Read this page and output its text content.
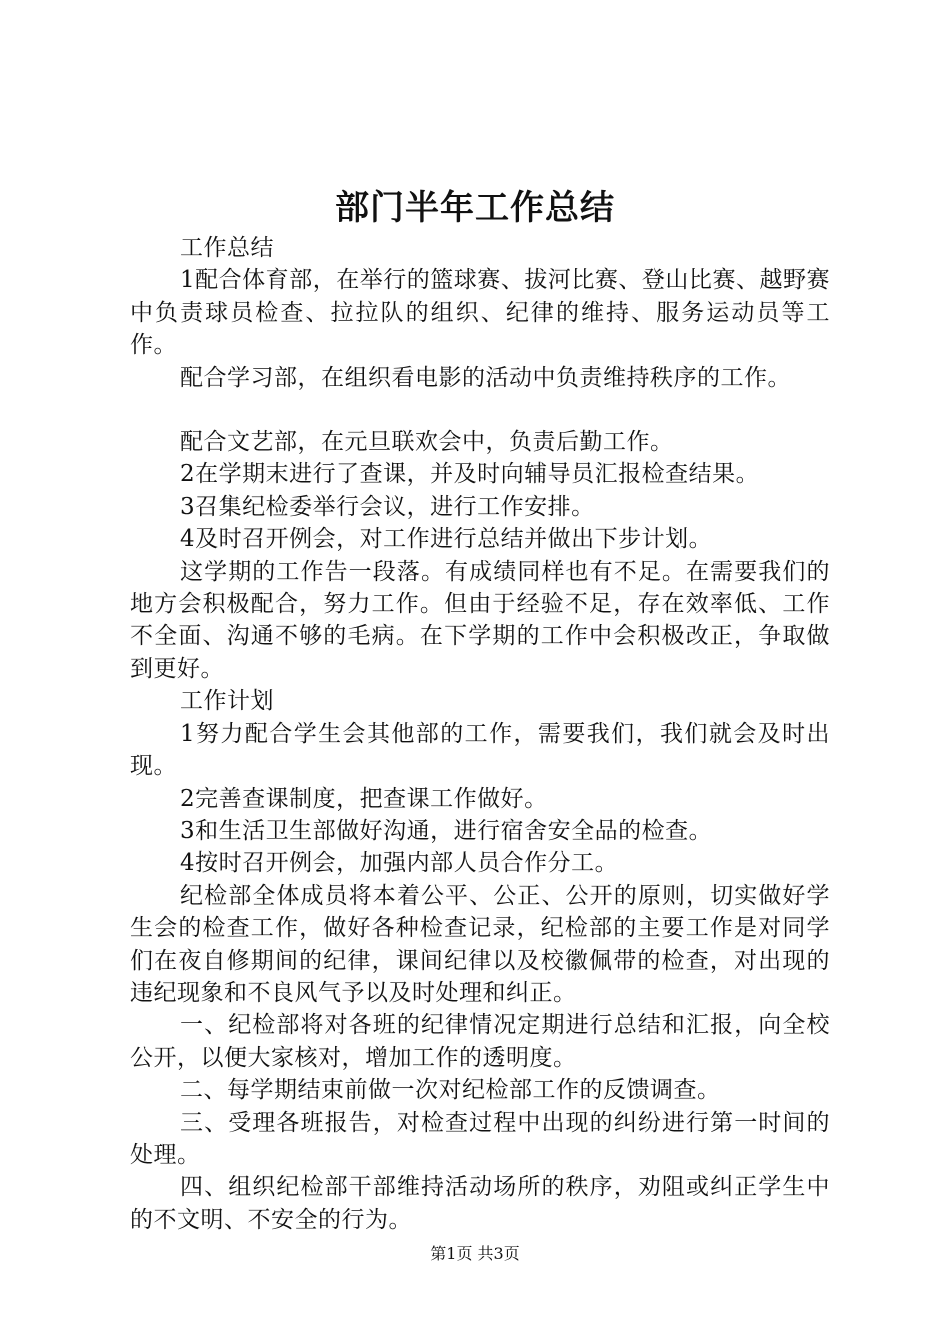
部门半年工作总结

工作总结

1配合体育部，在举行的篮球赛、拔河比赛、登山比赛、越野赛中负责球员检查、拉拉队的组织、纪律的维持、服务运动员等工作。

配合学习部，在组织看电影的活动中负责维持秩序的工作。

配合文艺部，在元旦联欢会中，负责后勤工作。

2在学期末进行了查课，并及时向辅导员汇报检查结果。

3召集纪检委举行会议，进行工作安排。

4及时召开例会，对工作进行总结并做出下步计划。

这学期的工作告一段落。有成绩同样也有不足。在需要我们的地方会积极配合，努力工作。但由于经验不足，存在效率低、工作不全面、沟通不够的毛病。在下学期的工作中会积极改正，争取做到更好。

工作计划

1努力配合学生会其他部的工作，需要我们，我们就会及时出现。

2完善查课制度，把查课工作做好。

3和生活卫生部做好沟通，进行宿舍安全品的检查。

4按时召开例会，加强内部人员合作分工。

纪检部全体成员将本着公平、公正、公开的原则，切实做好学生会的检查工作，做好各种检查记录，纪检部的主要工作是对同学们在夜自修期间的纪律，课间纪律以及校徽佩带的检查，对出现的违纪现象和不良风气予以及时处理和纠正。

一、纪检部将对各班的纪律情况定期进行总结和汇报，向全校公开，以便大家核对，增加工作的透明度。

二、每学期结束前做一次对纪检部工作的反馈调查。

三、受理各班报告，对检查过程中出现的纠纷进行第一时间的处理。

四、组织纪检部干部维持活动场所的秩序，劝阻或纠正学生中的不文明、不安全的行为。

第1页 共3页
